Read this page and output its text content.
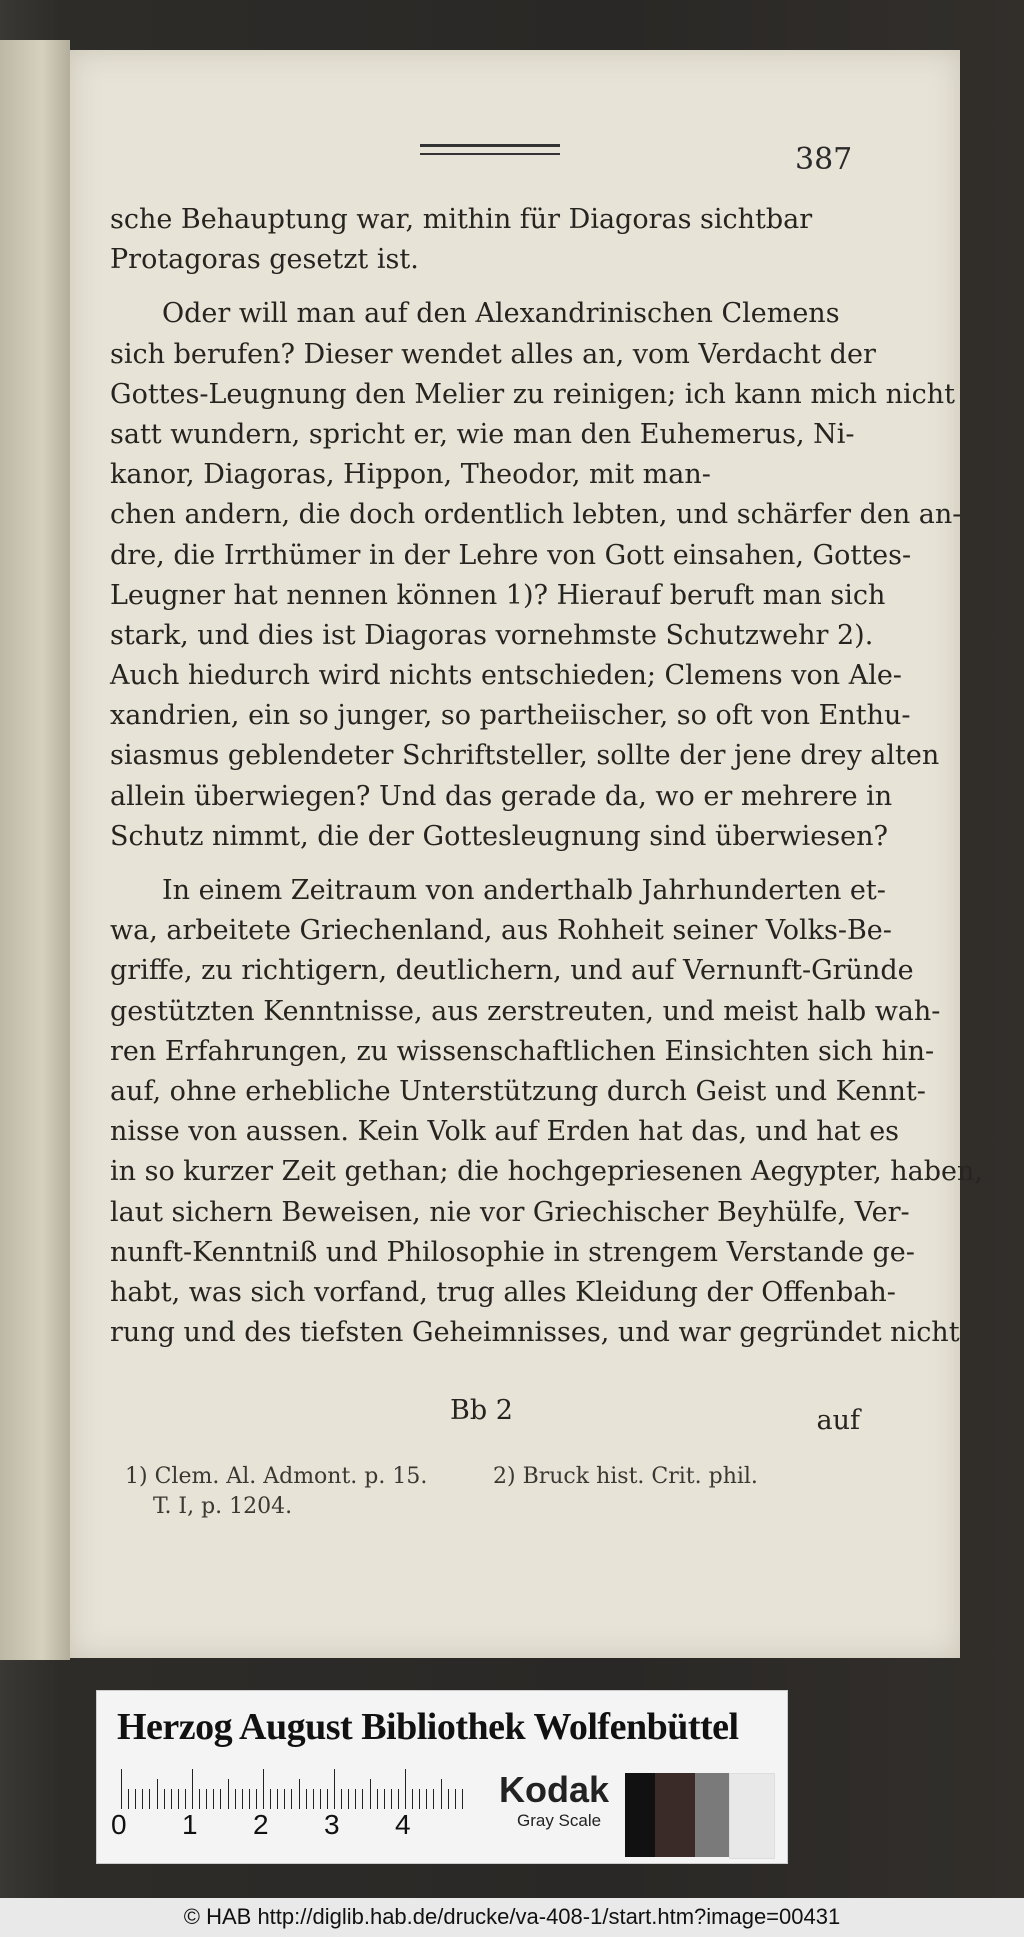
387
sche Behauptung war, mithin für Diagoras sichtbar
Protagoras gesetzt ist.
Oder will man auf den Alexandrinischen Clemens
sich berufen? Dieser wendet alles an, vom Verdacht der
Gottes-Leugnung den Melier zu reinigen; ich kann mich nicht
satt wundern, spricht er, wie man den Euhemerus, Ni-
kanor, Diagoras, Hippon, Theodor, mit man-
chen andern, die doch ordentlich lebten, und schärfer den an-
dre, die Irrthümer in der Lehre von Gott einsahen, Gottes-
Leugner hat nennen können 1)? Hierauf beruft man sich
stark, und dies ist Diagoras vornehmste Schutzwehr 2).
Auch hiedurch wird nichts entschieden; Clemens von Ale-
xandrien, ein so junger, so partheiischer, so oft von Enthu-
siasmus geblendeter Schriftsteller, sollte der jene drey alten
allein überwiegen? Und das gerade da, wo er mehrere in
Schutz nimmt, die der Gottesleugnung sind überwiesen?
In einem Zeitraum von anderthalb Jahrhunderten et-
wa, arbeitete Griechenland, aus Rohheit seiner Volks-Be-
griffe, zu richtigern, deutlichern, und auf Vernunft-Gründe
gestützten Kenntnisse, aus zerstreuten, und meist halb wah-
ren Erfahrungen, zu wissenschaftlichen Einsichten sich hin-
auf, ohne erhebliche Unterstützung durch Geist und Kennt-
nisse von aussen. Kein Volk auf Erden hat das, und hat es
in so kurzer Zeit gethan; die hochgepriesenen Aegypter, haben,
laut sichern Beweisen, nie vor Griechischer Beyhülfe, Ver-
nunft-Kenntniß und Philosophie in strengem Verstande ge-
habt, was sich vorfand, trug alles Kleidung der Offenbah-
rung und des tiefsten Geheimnisses, und war gegründet nicht
Bb 2	auf
1) Clem. Al. Admont. p. 15.	2) Bruck hist. Crit. phil.
T. I, p. 1204.
Herzog August Bibliothek Wolfenbüttel
0 1 2 3 4
Kodak
Gray Scale
© HAB http://diglib.hab.de/drucke/va-408-1/start.htm?image=00431
